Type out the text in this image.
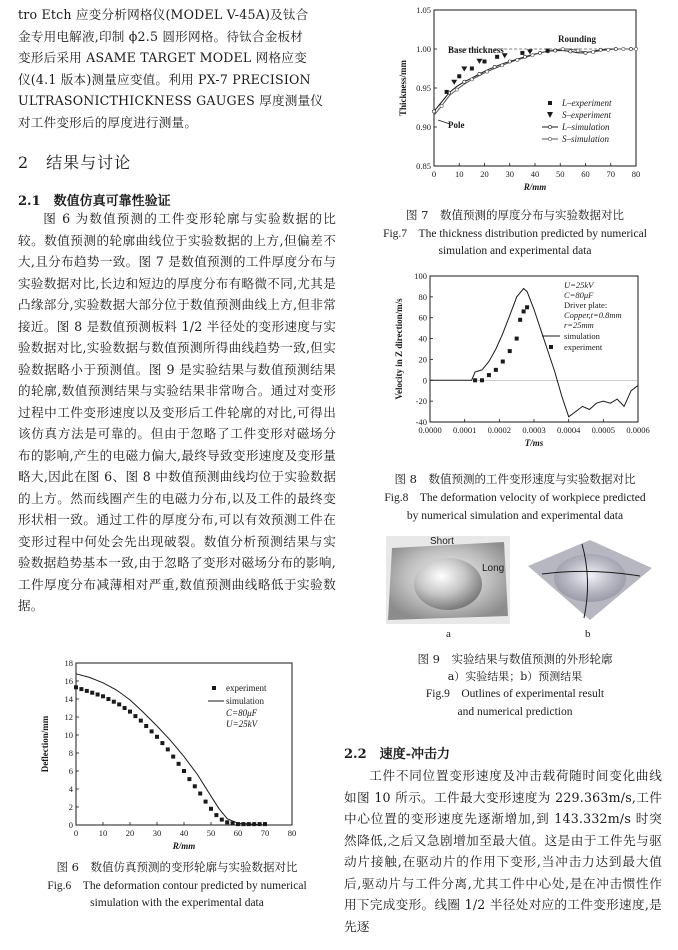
tro Etch 应变分析网格仪(MODEL V-45A)及钛合
金专用电解液,印制 ϕ2.5 圆形网格。待钛合金板材
变形后采用 ASAME TARGET MODEL 网格应变
仪(4.1 版本)测量应变值。利用 PX-7 PRECISION
ULTRASONICTHICKNESS GAUGES 厚度测量仪
对工件变形后的厚度进行测量。
2　结果与讨论
2.1　数值仿真可靠性验证

图 6 为数值预测的工件变形轮廓与实验数据的比较。数值预测的轮廓曲线位于实验数据的上方,但偏差不大,且分布趋势一致。图 7 是数值预测的工件厚度分布与实验数据对比,长边和短边的厚度分布有略微不同,尤其是凸缘部分,实验数据大部分位于数值预测曲线上方,但非常接近。图 8 是数值预测板料 1/2 半径处的变形速度与实验数据对比,实验数据与数值预测所得曲线趋势一致,但实验数据略小于预测值。图 9 是实验结果与数值预测结果的轮廓,数值预测结果与实验结果非常吻合。通过对变形过程中工件变形速度以及变形后工件轮廓的对比,可得出该仿真方法是可靠的。但由于忽略了工件变形对磁场分布的影响,产生的电磁力偏大,最终导致变形速度及变形量略大,因此在图 6、图 8 中数值预测曲线均位于实验数据的上方。然而线圈产生的电磁力分布,以及工件的最终变形状相一致。通过工件的厚度分布,可以有效预测工件在变形过程中何处会先出现破裂。数值分析预测结果与实验数据趋势基本一致,由于忽略了变形对磁场分布的影响,工件厚度分布减薄相对严重,数值预测曲线略低于实验数据。

0 10 20 30 40 50 60 70 80
0
2
4
6
8
10
12
14
16
18
R/mm
Deflection/mm
experiment
simulation
C=80μF
U=25kV
图 6　数值仿真预测的变形轮廓与实验数据对比
Fig.6　The deformation contour predicted by numerical
simulation with the experimental data
0 10 20 30 40 50 60 70 80
0.85
0.90
0.95
1.00
1.05
R/mm
Thickness/mm
Base thickness
Rounding
Pole
L–experiment
S–experiment
L–simulation
S–simulation
图 7　数值预测的厚度分布与实验数据对比
Fig.7　The thickness distribution predicted by numerical
simulation and experimental data
0.0000 0.0001 0.0002 0.0003 0.0004 0.0005 0.0006
-40
-20
0
20
40
60
80
100
T/ms
Velocity in Z direction/m/s
U=25kV
C=80μF
Driver plate:
Copper,t=0.8mm
r=25mm
simulation
experiment
图 8　数值预测的工件变形速度与实验数据对比
Fig.8　The deformation velocity of workpiece predicted
by numerical simulation and experimental data
Short
Long
a	b
图 9　实验结果与数值预测的外形轮廓
a）实验结果；b）预测结果
Fig.9　Outlines of experimental result
and numerical prediction
2.2　速度-冲击力

工件不同位置变形速度及冲击载荷随时间变化曲线如图 10 所示。工件最大变形速度为 229.363m/s,工件中心位置的变形速度先逐渐增加,到 143.332m/s 时突然降低,之后又急剧增加至最大值。这是由于工件先与驱动片接触,在驱动片的作用下变形,当冲击力达到最大值后,驱动片与工件分离,尤其工件中心处,是在冲击惯性作用下完成变形。线圈 1/2 半径处对应的工件变形速度,是先逐
